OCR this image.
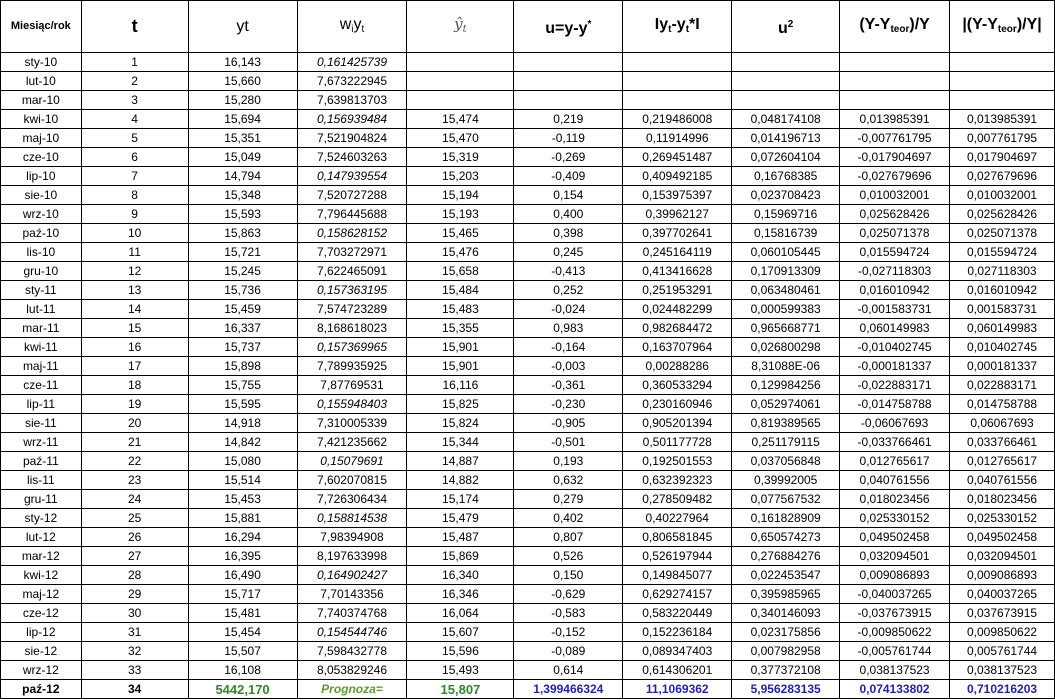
Miesiąc/rok	t	yt	$w_iy_t$	$ŷ_t$	u=y-y*	$Iy_t-y_t*I$	$u^2$	$(Y-Y_{teor})/Y$	$|(Y-Y_{teor})/Y|$
sty-10	1	16,143	0,161425739						
lut-10	2	15,660	7,673222945						
mar-10	3	15,280	7,639813703						
kwi-10	4	15,694	0,156939484	15,474	0,219	0,219486008	0,048174108	0,013985391	0,013985391
maj-10	5	15,351	7,521904824	15,470	-0,119	0,11914996	0,014196713	-0,007761795	0,007761795
cze-10	6	15,049	7,524603263	15,319	-0,269	0,269451487	0,072604104	-0,017904697	0,017904697
lip-10	7	14,794	0,147939554	15,203	-0,409	0,409492185	0,16768385	-0,027679696	0,027679696
sie-10	8	15,348	7,520727288	15,194	0,154	0,153975397	0,023708423	0,010032001	0,010032001
wrz-10	9	15,593	7,796445688	15,193	0,400	0,39962127	0,15969716	0,025628426	0,025628426
paź-10	10	15,863	0,158628152	15,465	0,398	0,397702641	0,15816739	0,025071378	0,025071378
lis-10	11	15,721	7,703272971	15,476	0,245	0,245164119	0,060105445	0,015594724	0,015594724
gru-10	12	15,245	7,622465091	15,658	-0,413	0,413416628	0,170913309	-0,027118303	0,027118303
sty-11	13	15,736	0,157363195	15,484	0,252	0,251953291	0,063480461	0,016010942	0,016010942
lut-11	14	15,459	7,574723289	15,483	-0,024	0,024482299	0,000599383	-0,001583731	0,001583731
mar-11	15	16,337	8,168618023	15,355	0,983	0,982684472	0,965668771	0,060149983	0,060149983
kwi-11	16	15,737	0,157369965	15,901	-0,164	0,163707964	0,026800298	-0,010402745	0,010402745
maj-11	17	15,898	7,789935925	15,901	-0,003	0,00288286	8,31088E-06	-0,000181337	0,000181337
cze-11	18	15,755	7,87769531	16,116	-0,361	0,360533294	0,129984256	-0,022883171	0,022883171
lip-11	19	15,595	0,155948403	15,825	-0,230	0,230160946	0,052974061	-0,014758788	0,014758788
sie-11	20	14,918	7,310005339	15,824	-0,905	0,905201394	0,819389565	-0,06067693	0,06067693
wrz-11	21	14,842	7,421235662	15,344	-0,501	0,501177728	0,251179115	-0,033766461	0,033766461
paź-11	22	15,080	0,15079691	14,887	0,193	0,192501553	0,037056848	0,012765617	0,012765617
lis-11	23	15,514	7,602070815	14,882	0,632	0,632392323	0,39992005	0,040761556	0,040761556
gru-11	24	15,453	7,726306434	15,174	0,279	0,278509482	0,077567532	0,018023456	0,018023456
sty-12	25	15,881	0,158814538	15,479	0,402	0,40227964	0,161828909	0,025330152	0,025330152
lut-12	26	16,294	7,98394908	15,487	0,807	0,806581845	0,650574273	0,049502458	0,049502458
mar-12	27	16,395	8,197633998	15,869	0,526	0,526197944	0,276884276	0,032094501	0,032094501
kwi-12	28	16,490	0,164902427	16,340	0,150	0,149845077	0,022453547	0,009086893	0,009086893
maj-12	29	15,717	7,70143356	16,346	-0,629	0,629274157	0,395985965	-0,040037265	0,040037265
cze-12	30	15,481	7,740374768	16,064	-0,583	0,583220449	0,340146093	-0,037673915	0,037673915
lip-12	31	15,454	0,154544746	15,607	-0,152	0,152236184	0,023175856	-0,009850622	0,009850622
sie-12	32	15,507	7,598432778	15,596	-0,089	0,089347403	0,007982958	-0,005761744	0,005761744
wrz-12	33	16,108	8,053829246	15,493	0,614	0,614306201	0,377372108	0,038137523	0,038137523
paź-12	34	5442,170	Prognoza=	15,807	1,399466324	11,1069362	5,956283135	0,074133802	0,710216203
